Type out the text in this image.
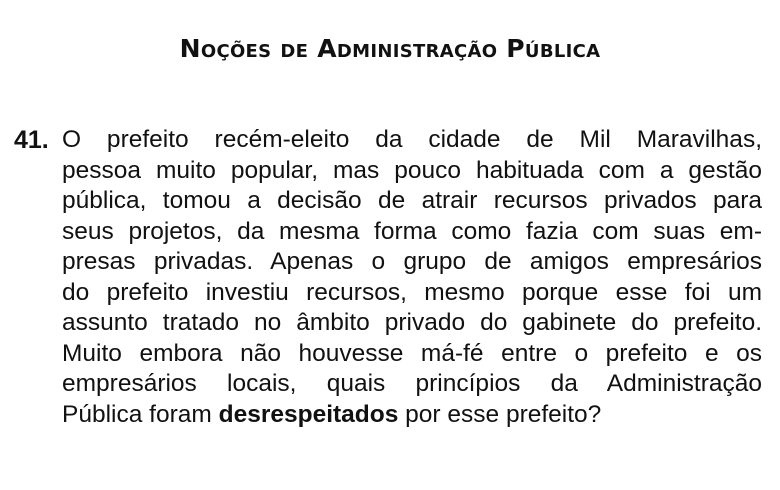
Noções de Administração Pública
41. O prefeito recém-eleito da cidade de Mil Maravilhas,
pessoa muito popular, mas pouco habituada com a gestão
pública, tomou a decisão de atrair recursos privados para
seus projetos, da mesma forma como fazia com suas em-
presas privadas. Apenas o grupo de amigos empresários
do prefeito investiu recursos, mesmo porque esse foi um
assunto tratado no âmbito privado do gabinete do prefeito.
Muito embora não houvesse má-fé entre o prefeito e os
empresários locais, quais princípios da Administração
Pública foram desrespeitados por esse prefeito?
